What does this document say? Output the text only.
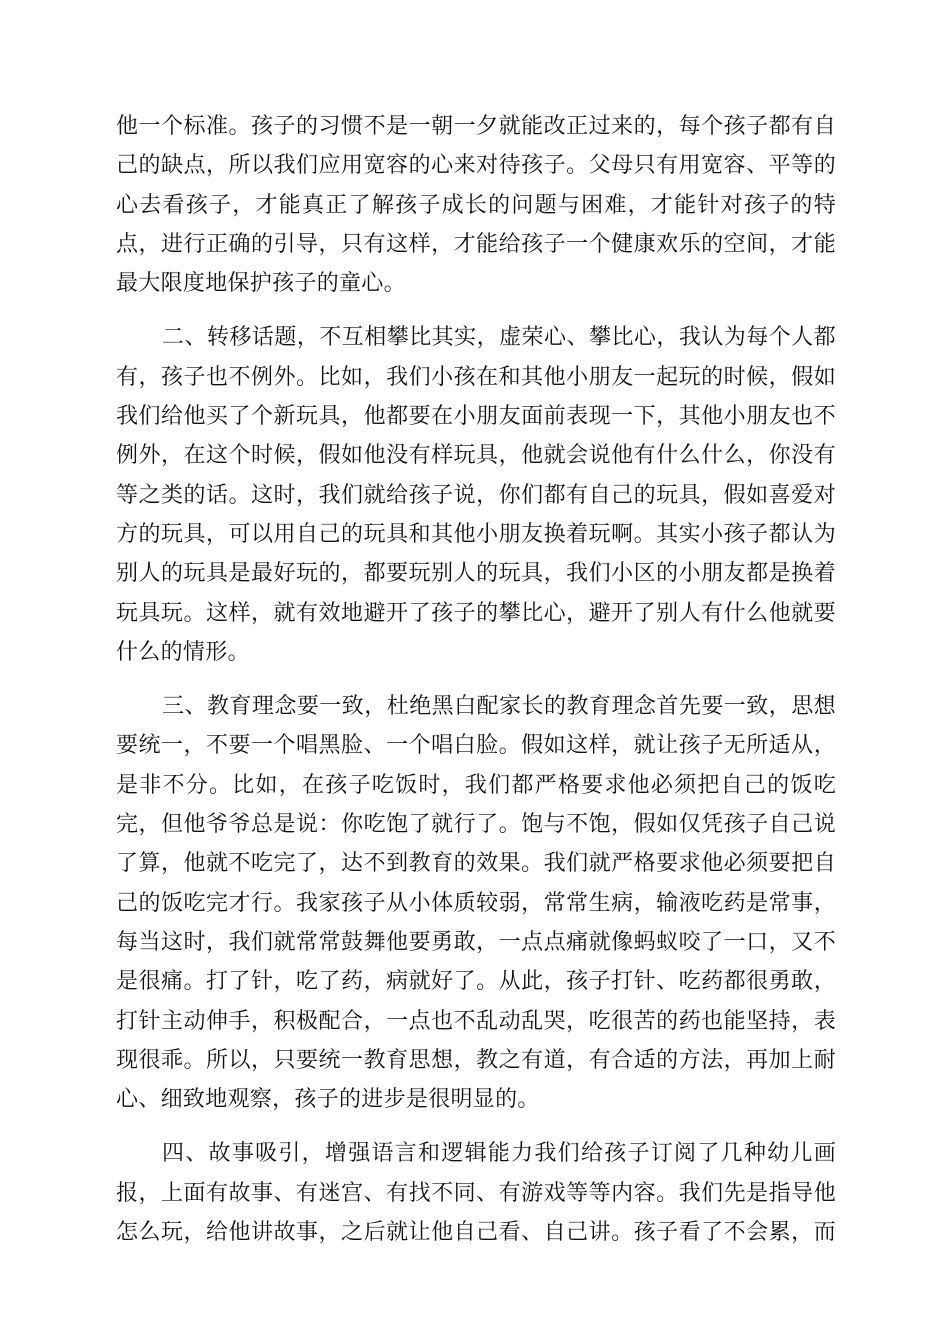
他一个标准。孩子的习惯不是一朝一夕就能改正过来的，每个孩子都有自
己的缺点，所以我们应用宽容的心来对待孩子。父母只有用宽容、平等的
心去看孩子，才能真正了解孩子成长的问题与困难，才能针对孩子的特
点，进行正确的引导，只有这样，才能给孩子一个健康欢乐的空间，才能
最大限度地保护孩子的童心。
二、转移话题，不互相攀比其实，虚荣心、攀比心，我认为每个人都
有，孩子也不例外。比如，我们小孩在和其他小朋友一起玩的时候，假如
我们给他买了个新玩具，他都要在小朋友面前表现一下，其他小朋友也不
例外，在这个时候，假如他没有样玩具，他就会说他有什么什么，你没有
等之类的话。这时，我们就给孩子说，你们都有自己的玩具，假如喜爱对
方的玩具，可以用自己的玩具和其他小朋友换着玩啊。其实小孩子都认为
别人的玩具是最好玩的，都要玩别人的玩具，我们小区的小朋友都是换着
玩具玩。这样，就有效地避开了孩子的攀比心，避开了别人有什么他就要
什么的情形。
三、教育理念要一致，杜绝黑白配家长的教育理念首先要一致，思想
要统一，不要一个唱黑脸、一个唱白脸。假如这样，就让孩子无所适从，
是非不分。比如，在孩子吃饭时，我们都严格要求他必须把自己的饭吃
完，但他爷爷总是说：你吃饱了就行了。饱与不饱，假如仅凭孩子自己说
了算，他就不吃完了，达不到教育的效果。我们就严格要求他必须要把自
己的饭吃完才行。我家孩子从小体质较弱，常常生病，输液吃药是常事，
每当这时，我们就常常鼓舞他要勇敢，一点点痛就像蚂蚁咬了一口，又不
是很痛。打了针，吃了药，病就好了。从此，孩子打针、吃药都很勇敢，
打针主动伸手，积极配合，一点也不乱动乱哭，吃很苦的药也能坚持，表
现很乖。所以，只要统一教育思想，教之有道，有合适的方法，再加上耐
心、细致地观察，孩子的进步是很明显的。
四、故事吸引，增强语言和逻辑能力我们给孩子订阅了几种幼儿画
报，上面有故事、有迷宫、有找不同、有游戏等等内容。我们先是指导他
怎么玩，给他讲故事，之后就让他自己看、自己讲。孩子看了不会累，而
